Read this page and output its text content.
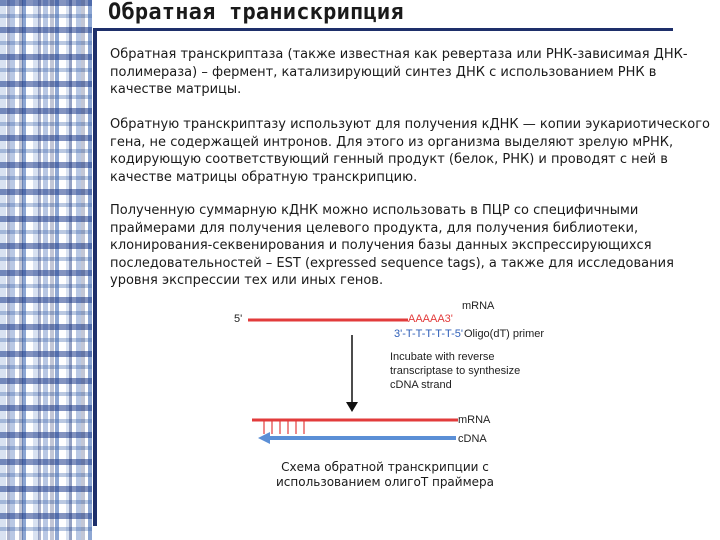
Обратная транискрипция
Обратная транскриптаза (также известная как ревертаза или РНК-зависимая ДНК-полимераза) – фермент, катализирующий синтез ДНК с использованием РНК в качестве матрицы.
Обратную транскриптазу используют для получения кДНК — копии эукариотического гена, не содержащей интронов. Для этого из организма выделяют зрелую мРНК, кодирующую соответствующий генный продукт (белок, РНК) и проводят с ней в качестве матрицы обратную транскрипцию.
Полученную суммарную кДНК можно использовать в ПЦР со специфичными праймерами для получения целевого продукта, для получения библиотеки, клонирования-секвенирования и получения базы данных экспрессирующихся последовательностей – EST (expressed sequence tags), а также для исследования уровня экспрессии тех или иных генов.
5'	AAAAA3'
mRNA
3'-T-T-T-T-T-5' Oligo(dT) primer
Incubate with reverse transcriptase to synthesize cDNA strand
mRNA
cDNA
Схема обратной транскрипции с использованием олигоТ праймера
